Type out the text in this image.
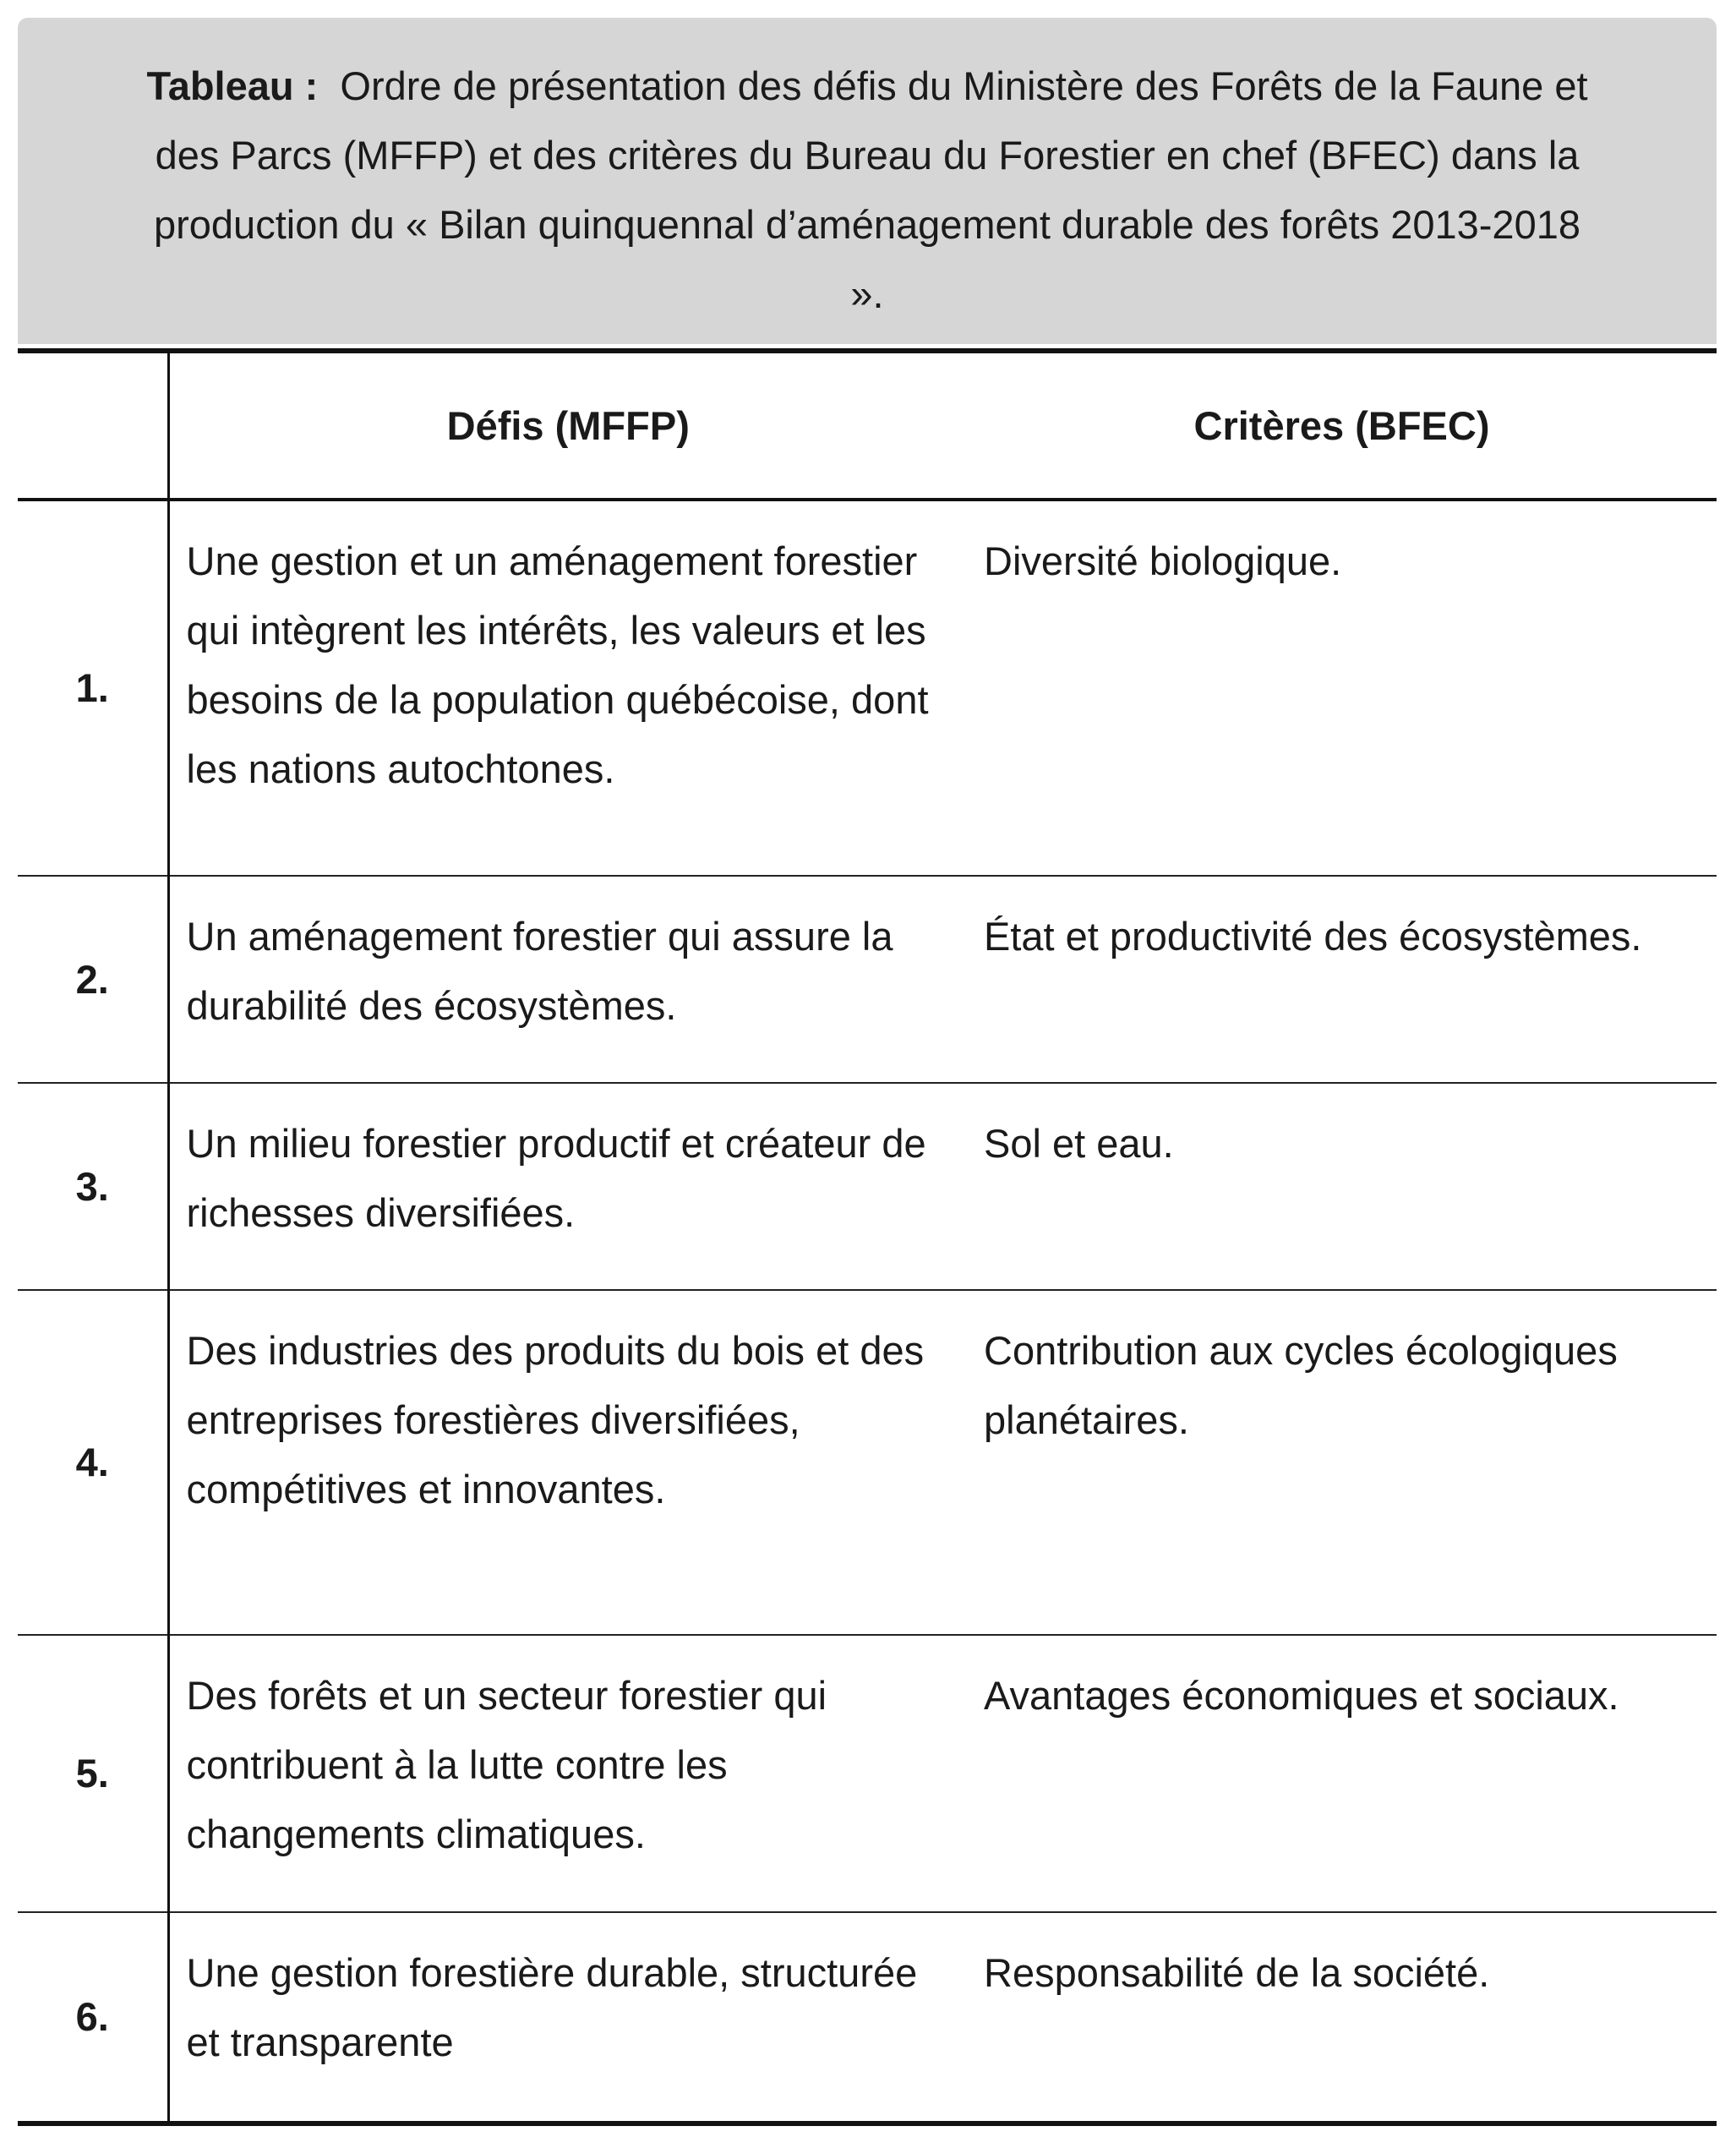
Tableau : Ordre de présentation des défis du Ministère des Forêts de la Faune et des Parcs (MFFP) et des critères du Bureau du Forestier en chef (BFEC) dans la production du « Bilan quinquennal d’aménagement durable des forêts 2013-2018 ».
	Défis (MFFP)	Critères (BFEC)
1.	Une gestion et un aménagement forestier qui intègrent les intérêts, les valeurs et les besoins de la population québécoise, dont les nations autochtones.	Diversité biologique.
2.	Un aménagement forestier qui assure la durabilité des écosystèmes.	État et productivité des écosystèmes.
3.	Un milieu forestier productif et créateur de richesses diversifiées.	Sol et eau.
4.	Des industries des produits du bois et des entreprises forestières diversifiées, compétitives et innovantes.	Contribution aux cycles écologiques planétaires.
5.	Des forêts et un secteur forestier qui contribuent à la lutte contre les changements climatiques.	Avantages économiques et sociaux.
6.	Une gestion forestière durable, structurée et transparente	Responsabilité de la société.
